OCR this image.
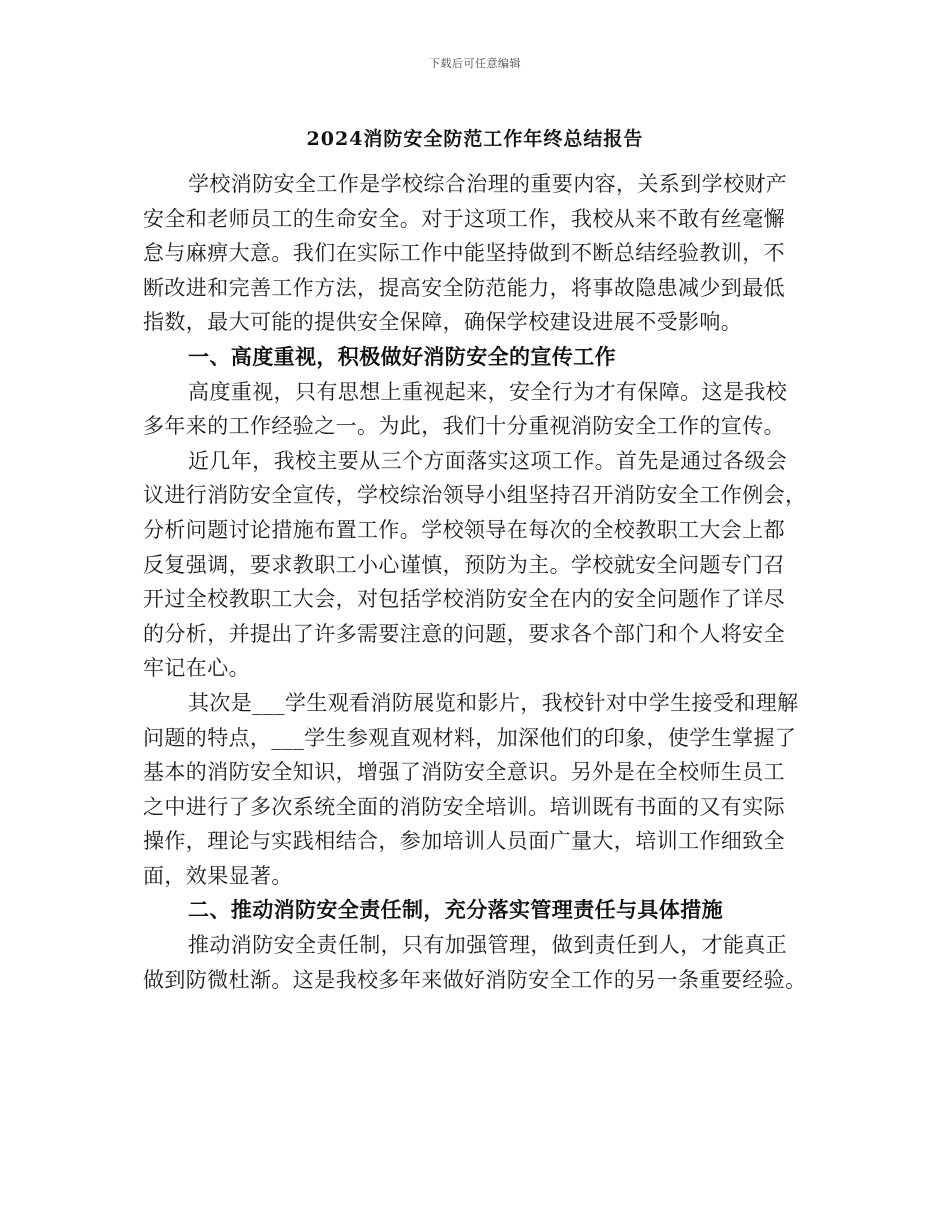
下载后可任意编辑
2024消防安全防范工作年终总结报告
学校消防安全工作是学校综合治理的重要内容，关系到学校财产
安全和老师员工的生命安全。对于这项工作，我校从来不敢有丝毫懈
怠与麻痹大意。我们在实际工作中能坚持做到不断总结经验教训，不
断改进和完善工作方法，提高安全防范能力，将事故隐患减少到最低
指数，最大可能的提供安全保障，确保学校建设进展不受影响。
一、高度重视，积极做好消防安全的宣传工作
高度重视，只有思想上重视起来，安全行为才有保障。这是我校
多年来的工作经验之一。为此，我们十分重视消防安全工作的宣传。
近几年，我校主要从三个方面落实这项工作。首先是通过各级会
议进行消防安全宣传，学校综治领导小组坚持召开消防安全工作例会，
分析问题讨论措施布置工作。学校领导在每次的全校教职工大会上都
反复强调，要求教职工小心谨慎，预防为主。学校就安全问题专门召
开过全校教职工大会，对包括学校消防安全在内的安全问题作了详尽
的分析，并提出了许多需要注意的问题，要求各个部门和个人将安全
牢记在心。
其次是___学生观看消防展览和影片，我校针对中学生接受和理解
问题的特点，___学生参观直观材料，加深他们的印象，使学生掌握了
基本的消防安全知识，增强了消防安全意识。另外是在全校师生员工
之中进行了多次系统全面的消防安全培训。培训既有书面的又有实际
操作，理论与实践相结合，参加培训人员面广量大，培训工作细致全
面，效果显著。
二、推动消防安全责任制，充分落实管理责任与具体措施
推动消防安全责任制，只有加强管理，做到责任到人，才能真正
做到防微杜渐。这是我校多年来做好消防安全工作的另一条重要经验。
